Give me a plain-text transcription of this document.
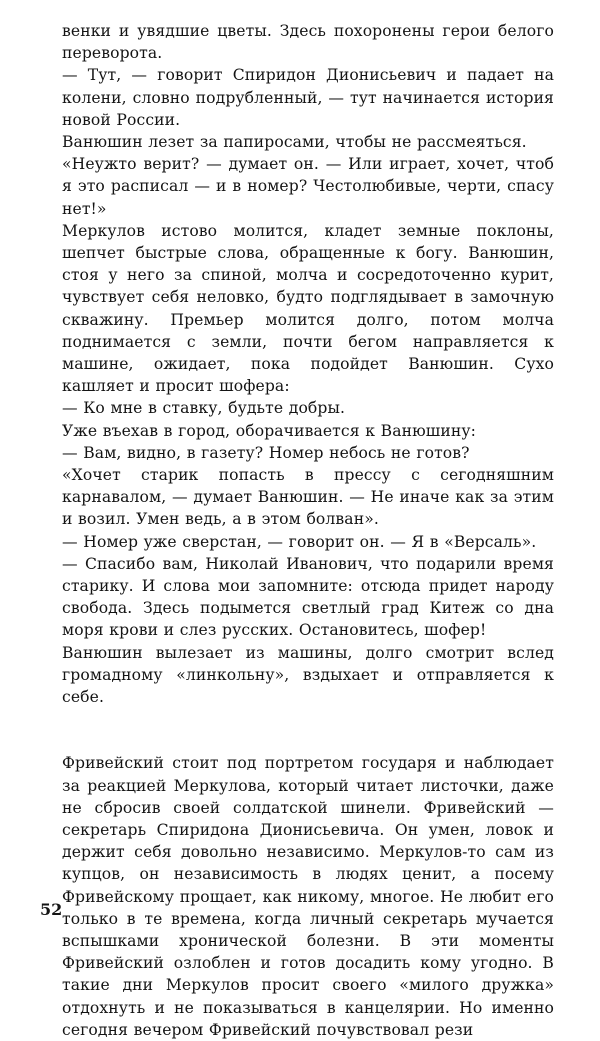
венки и увядшие цветы. Здесь похоронены герои белого переворота.

— Тут, — говорит Спиридон Дионисьевич и падает на колени, словно подрубленный, — тут начинается история новой России.

Ванюшин лезет за папиросами, чтобы не рассмеяться.

«Неужто верит? — думает он. — Или играет, хочет, чтоб я это расписал — и в номер? Честолюбивые, черти, спасу нет!»

Меркулов истово молится, кладет земные поклоны, шепчет быстрые слова, обращенные к богу. Ванюшин, стоя у него за спиной, молча и сосредоточенно курит, чувствует себя неловко, будто подглядывает в замочную скважину. Премьер молится долго, потом молча поднимается с земли, почти бегом направляется к машине, ожидает, пока подойдет Ванюшин. Сухо кашляет и просит шофера:

— Ко мне в ставку, будьте добры.

Уже въехав в город, оборачивается к Ванюшину:

— Вам, видно, в газету? Номер небось не готов?

«Хочет старик попасть в прессу с сегодняшним карнавалом, — думает Ванюшин. — Не иначе как за этим и возил. Умен ведь, а в этом болван».

— Номер уже сверстан, — говорит он. — Я в «Версаль».

— Спасибо вам, Николай Иванович, что подарили время старику. И слова мои запомните: отсюда придет народу свобода. Здесь подымется светлый град Китеж со дна моря крови и слез русских. Остановитесь, шофер!

Ванюшин вылезает из машины, долго смотрит вслед громадному «линкольну», вздыхает и отправляется к себе.

Фривейский стоит под портретом государя и наблюдает за реакцией Меркулова, который читает листочки, даже не сбросив своей солдатской шинели. Фривейский — секретарь Спиридона Дионисьевича. Он умен, ловок и держит себя довольно независимо. Меркулов-то сам из купцов, он независимость в людях ценит, а посему Фривейскому прощает, как никому, многое. Не любит его только в те времена, когда личный секретарь мучается вспышками хронической болезни. В эти моменты Фривейский озлоблен и готов досадить кому угодно. В такие дни Меркулов просит своего «милого дружка» отдохнуть и не показываться в канцелярии. Но именно сегодня вечером Фривейский почувствовал рези

52
